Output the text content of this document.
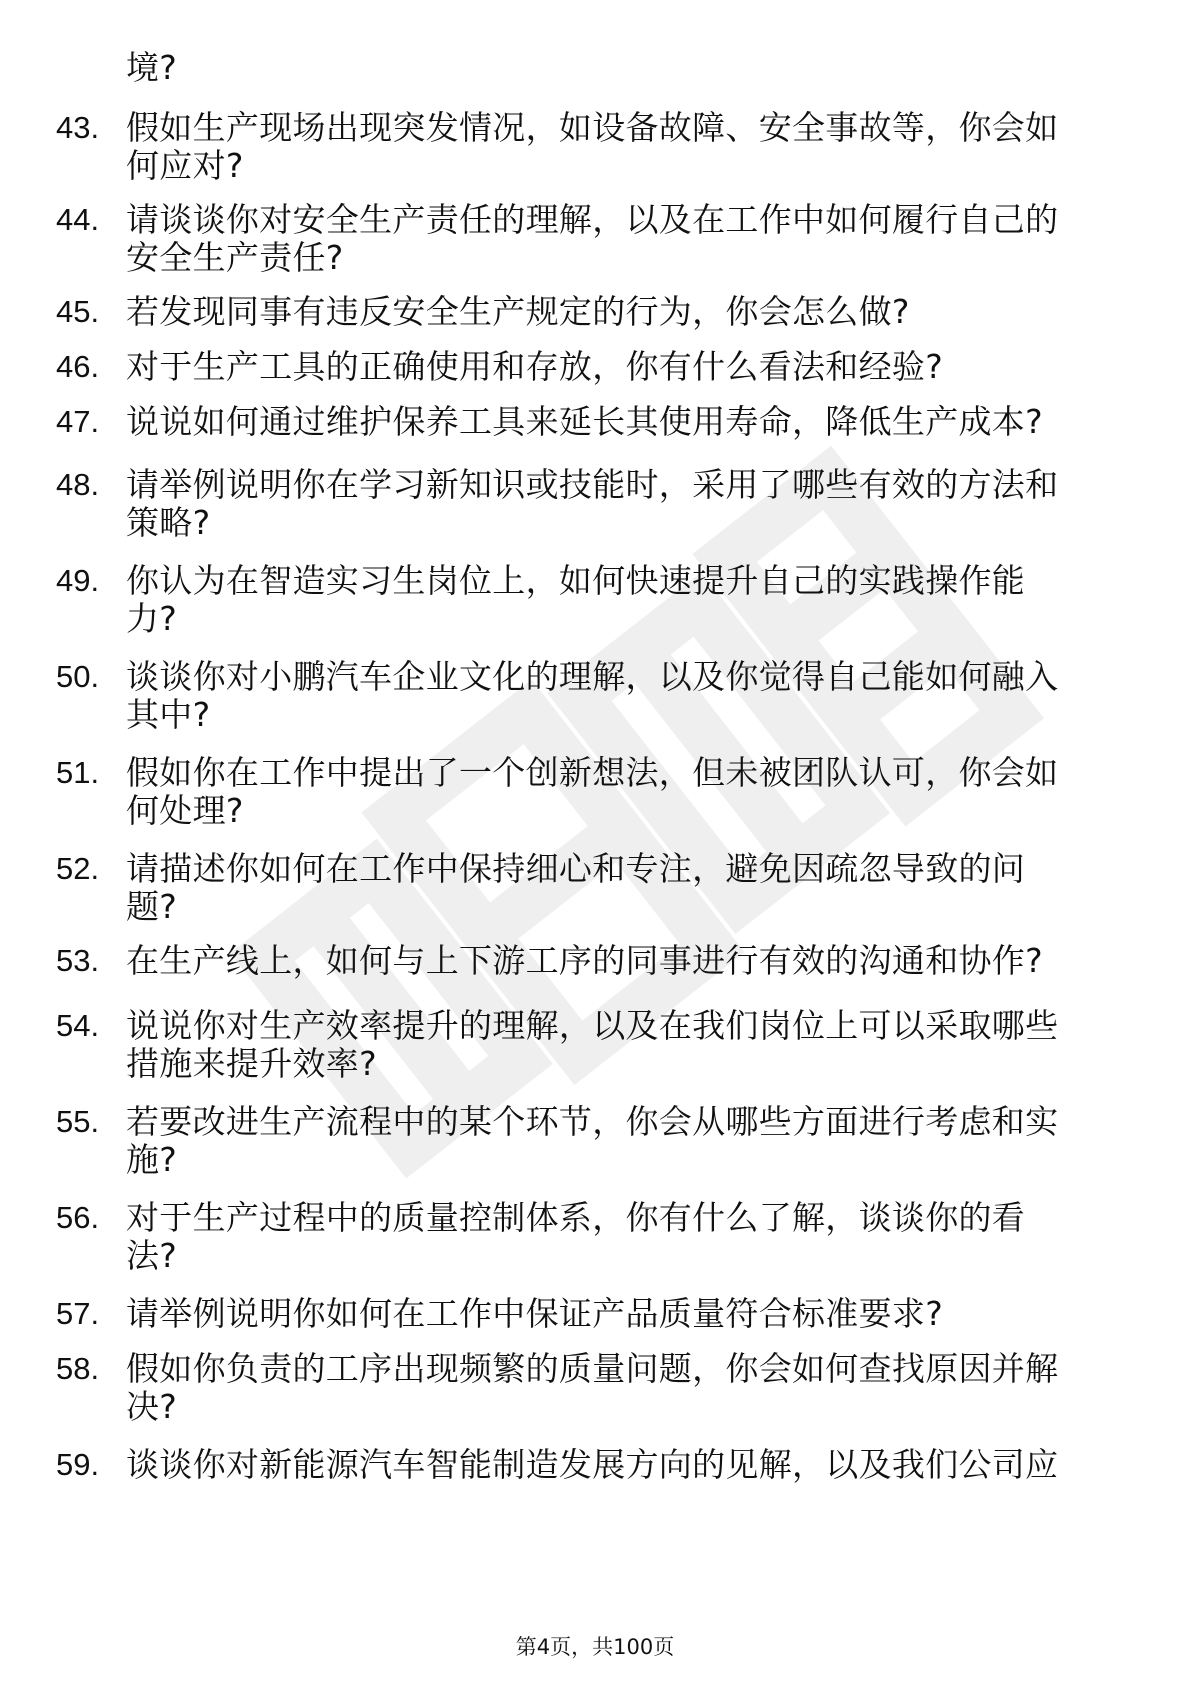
境?
43. 假如生产现场出现突发情况，如设备故障、安全事故等，你会如
何应对?
44. 请谈谈你对安全生产责任的理解，以及在工作中如何履行自己的
安全生产责任?
45. 若发现同事有违反安全生产规定的行为，你会怎么做?
46. 对于生产工具的正确使用和存放，你有什么看法和经验?
47. 说说如何通过维护保养工具来延长其使用寿命，降低生产成本?
48. 请举例说明你在学习新知识或技能时，采用了哪些有效的方法和
策略?
49. 你认为在智造实习生岗位上，如何快速提升自己的实践操作能
力?
50. 谈谈你对小鹏汽车企业文化的理解，以及你觉得自己能如何融入
其中?
51. 假如你在工作中提出了一个创新想法，但未被团队认可，你会如
何处理?
52. 请描述你如何在工作中保持细心和专注，避免因疏忽导致的问
题?
53. 在生产线上，如何与上下游工序的同事进行有效的沟通和协作?
54. 说说你对生产效率提升的理解，以及在我们岗位上可以采取哪些
措施来提升效率?
55. 若要改进生产流程中的某个环节，你会从哪些方面进行考虑和实
施?
56. 对于生产过程中的质量控制体系，你有什么了解，谈谈你的看
法?
57. 请举例说明你如何在工作中保证产品质量符合标准要求?
58. 假如你负责的工序出现频繁的质量问题，你会如何查找原因并解
决?
59. 谈谈你对新能源汽车智能制造发展方向的见解，以及我们公司应
第4页，共100页
